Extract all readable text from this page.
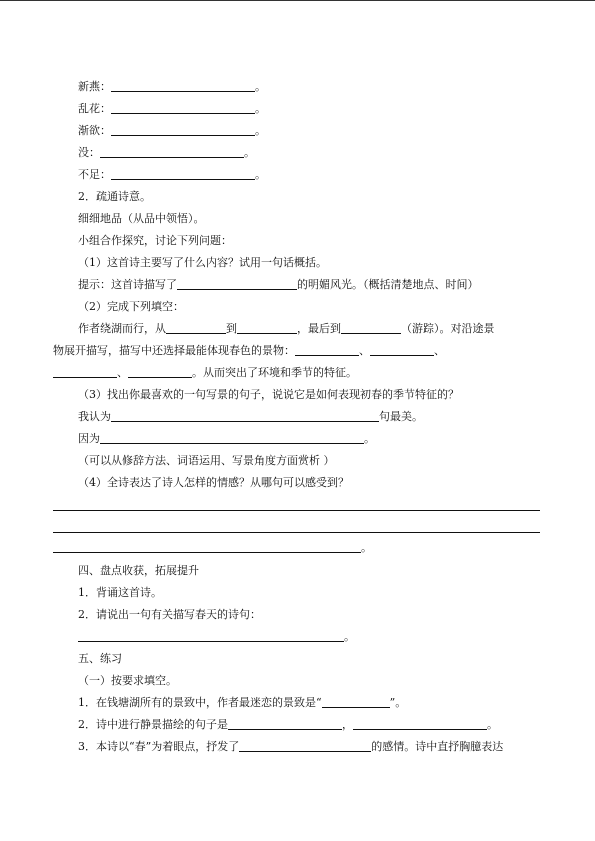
新燕：	。
乱花：	。
渐欲：	。
没：	。
不足：	。
2．疏通诗意。
细细地品（从品中领悟）。
小组合作探究，讨论下列问题：
（1）这首诗主要写了什么内容？试用一句话概括。
提示：这首诗描写了	的明媚风光。（概括清楚地点、时间）
（2）完成下列填空：
作者绕湖而行，从	到	，最后到	（游踪）。对沿途景
物展开描写，描写中还选择最能体现春色的景物：	、	、
、	。从而突出了环境和季节的特征。
（3）找出你最喜欢的一句写景的句子，说说它是如何表现初春的季节特征的？
我认为	句最美。
因为	。
（可以从修辞方法、词语运用、写景角度方面赏析 ）
（4）全诗表达了诗人怎样的情感？从哪句可以感受到？
。
四、盘点收获，拓展提升
1．背诵这首诗。
2．请说出一句有关描写春天的诗句：
。
五、练习
（一）按要求填空。
1．在钱塘湖所有的景致中，作者最迷恋的景致是“	”。
2．诗中进行静景描绘的句子是	，	。
3．本诗以“春”为着眼点，抒发了	的感情。诗中直抒胸臆表达
